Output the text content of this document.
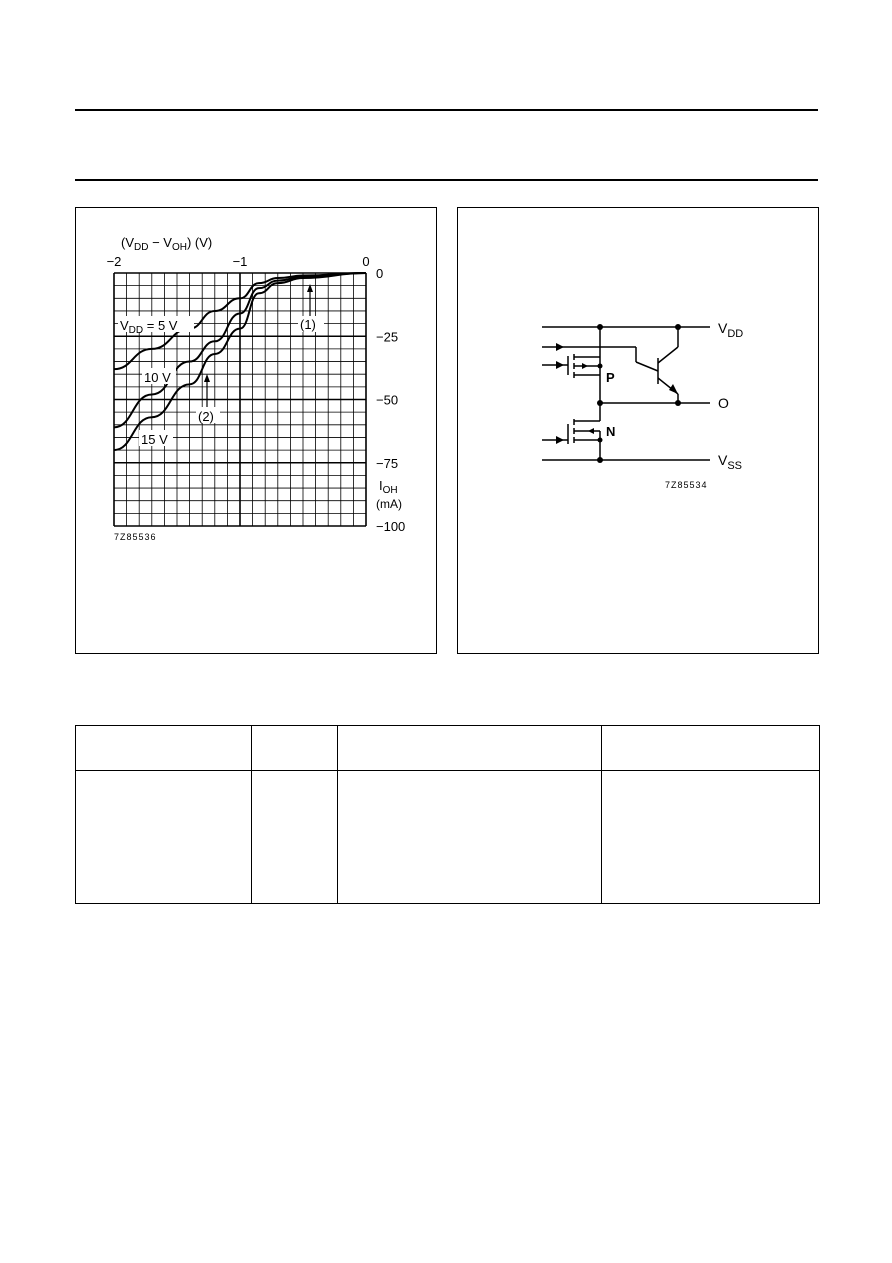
$(V_{DD} - V_{OH})$ (V)
−2	−1	0
0
−25
−50
−75
−100
$V_{DD} = 5$ V
10 V
15 V
(1)
(2)
$I_{OH}$
(mA)
7Z85536
$V_{DD}$
O
$V_{SS}$
P
N
7Z85534
